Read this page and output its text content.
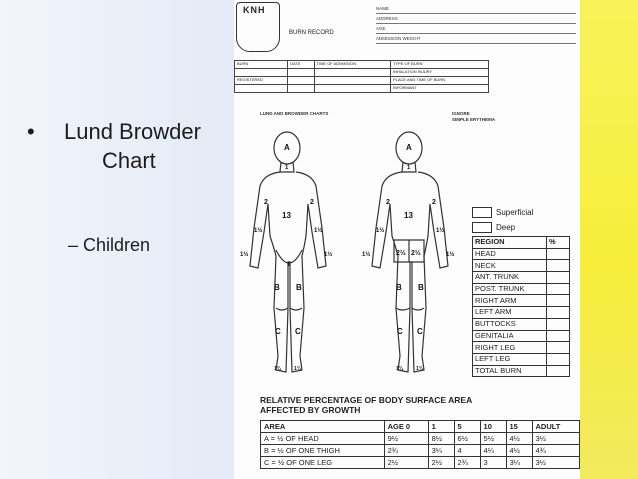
• Lund Browder
Chart
– Children
KNH
BURN RECORD
NAME
ADDRESS
AGE
ADMISSION WEIGHT
BURN	DATE	TIME OF ADMISSION	TYPE OF BURN
			INHALATION INJURY
REGISTERED			PLACE AND TIME OF BURN
			INFORMANT
LUND AND BROWDER CHARTS	IGNORE
SIMPLE ERYTHEMA
A
1
13
2	2
1½	1½
1½	1½
1
B B
C C
1¾	1¾
A
1
13
2	2
1½	1½
1½	1½
2½ 2½
B B
C C
1¾	1¾
Superficial
Deep
REGION	%
HEAD	
NECK	
ANT. TRUNK	
POST. TRUNK	
RIGHT ARM	
LEFT ARM	
BUTTOCKS	
GENITALIA	
RIGHT LEG	
LEFT LEG	
TOTAL BURN	
RELATIVE PERCENTAGE OF BODY SURFACE AREA
AFFECTED BY GROWTH
AREA	AGE 0	1	5	10	15	ADULT
A = ½ OF HEAD	9½	8½	6½	5½	4½	3½
B = ½ OF ONE THIGH	2¾	3¼	4	4¼	4½	4¾
C = ½ OF ONE LEG	2½	2½	2¾	3	3¼	3½
